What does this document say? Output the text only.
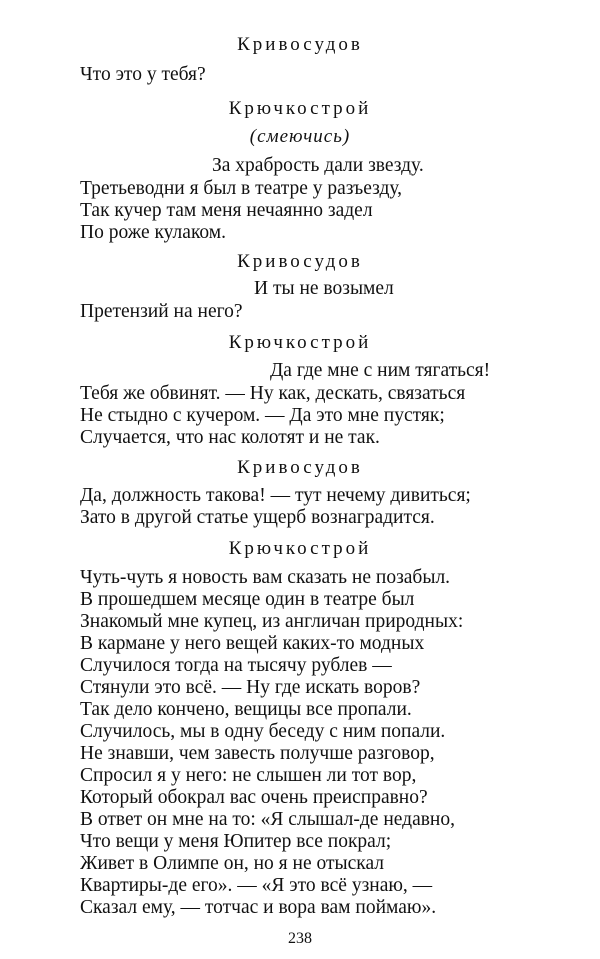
Кривосудов
Что это у тебя?
Крючкострой
(смеючись)
За храбрость дали звезду.
Третьеводни я был в театре у разъезду,
Так кучер там меня нечаянно задел
По роже кулаком.
Кривосудов
И ты не возымел
Претензий на него?
Крючкострой
Да где мне с ним тягаться!
Тебя же обвинят. — Ну как, дескать, связаться
Не стыдно с кучером. — Да это мне пустяк;
Случается, что нас колотят и не так.
Кривосудов
Да, должность такова! — тут нечему дивиться;
Зато в другой статье ущерб вознаградится.
Крючкострой
Чуть-чуть я новость вам сказать не позабыл.
В прошедшем месяце один в театре был
Знакомый мне купец, из англичан природных:
В кармане у него вещей каких-то модных
Случилося тогда на тысячу рублев —
Стянули это всё. — Ну где искать воров?
Так дело кончено, вещицы все пропали.
Случилось, мы в одну беседу с ним попали.
Не знавши, чем завесть получше разговор,
Спросил я у него: не слышен ли тот вор,
Который обокрал вас очень преисправно?
В ответ он мне на то: «Я слышал-де недавно,
Что вещи у меня Юпитер все покрал;
Живет в Олимпе он, но я не отыскал
Квартиры-де его». — «Я это всё узнаю, —
Сказал ему, — тотчас и вора вам поймаю».
238
